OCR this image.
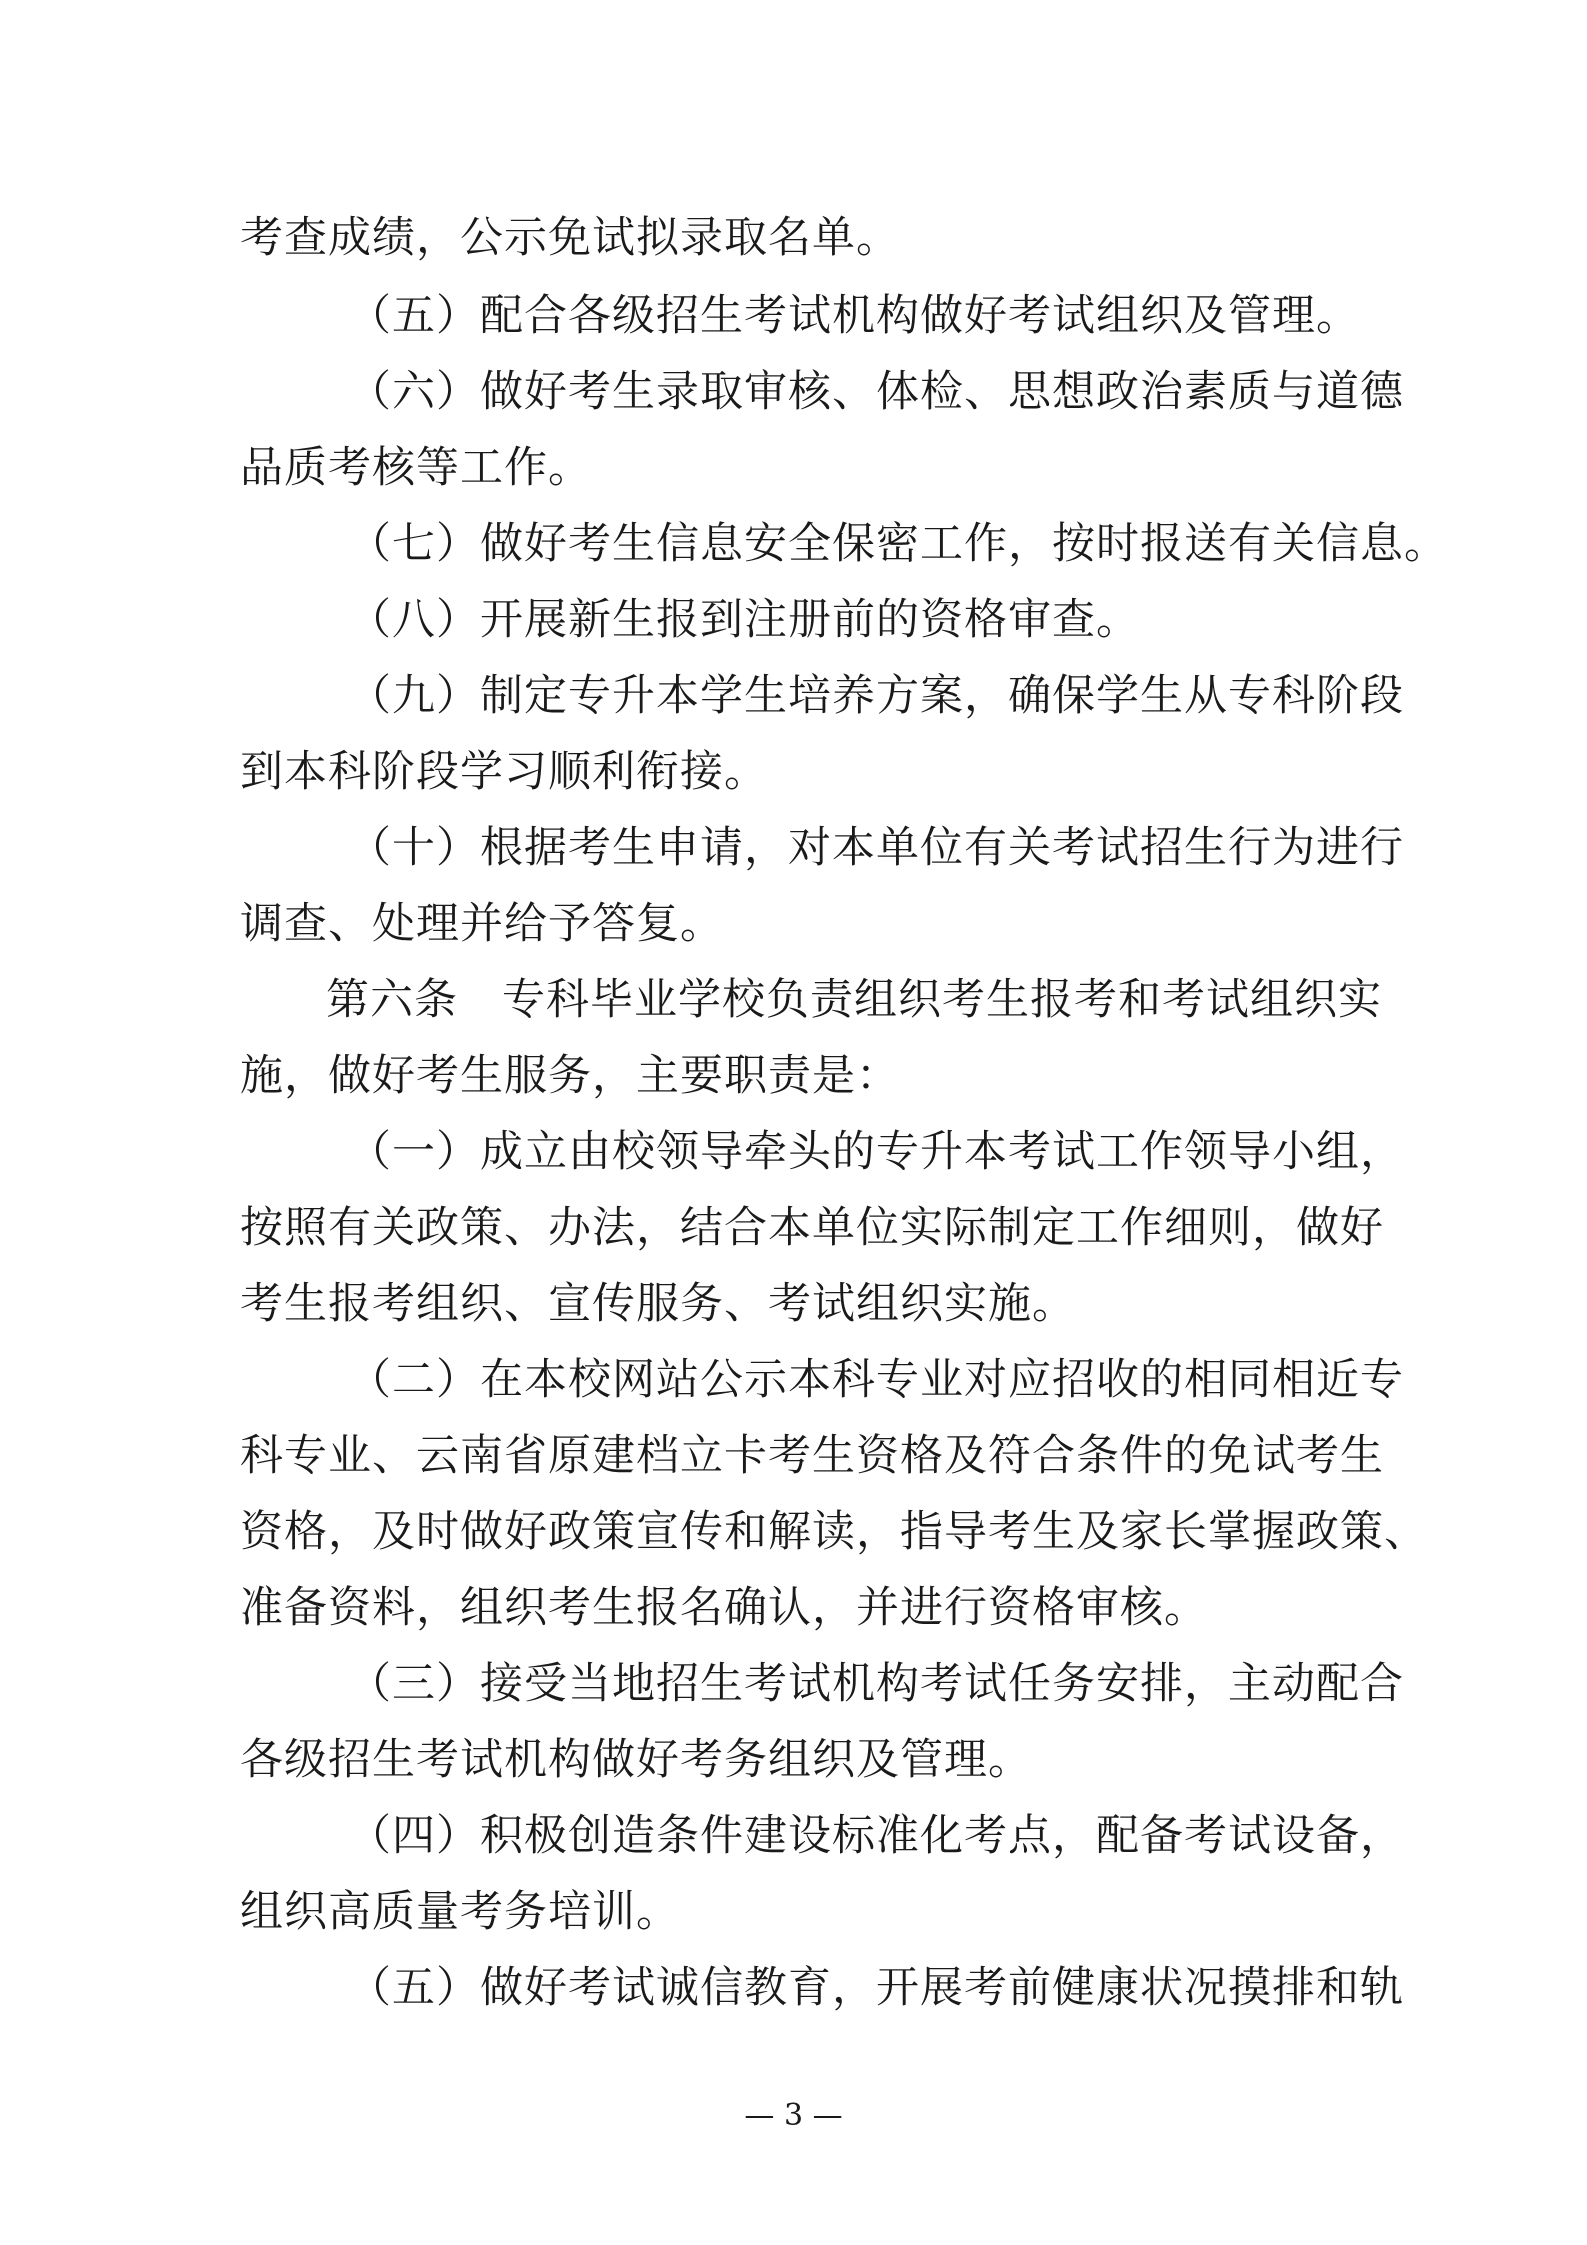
考查成绩，公示免试拟录取名单。
（五）配合各级招生考试机构做好考试组织及管理。
（六）做好考生录取审核、体检、思想政治素质与道德
品质考核等工作。
（七）做好考生信息安全保密工作，按时报送有关信息。
（八）开展新生报到注册前的资格审查。
（九）制定专升本学生培养方案，确保学生从专科阶段
到本科阶段学习顺利衔接。
（十）根据考生申请，对本单位有关考试招生行为进行
调查、处理并给予答复。
第六条　专科毕业学校负责组织考生报考和考试组织实
施，做好考生服务，主要职责是：
（一）成立由校领导牵头的专升本考试工作领导小组，
按照有关政策、办法，结合本单位实际制定工作细则，做好
考生报考组织、宣传服务、考试组织实施。
（二）在本校网站公示本科专业对应招收的相同相近专
科专业、云南省原建档立卡考生资格及符合条件的免试考生
资格，及时做好政策宣传和解读，指导考生及家长掌握政策、
准备资料，组织考生报名确认，并进行资格审核。
（三）接受当地招生考试机构考试任务安排，主动配合
各级招生考试机构做好考务组织及管理。
（四）积极创造条件建设标准化考点，配备考试设备，
组织高质量考务培训。
（五）做好考试诚信教育，开展考前健康状况摸排和轨
— 3 —
